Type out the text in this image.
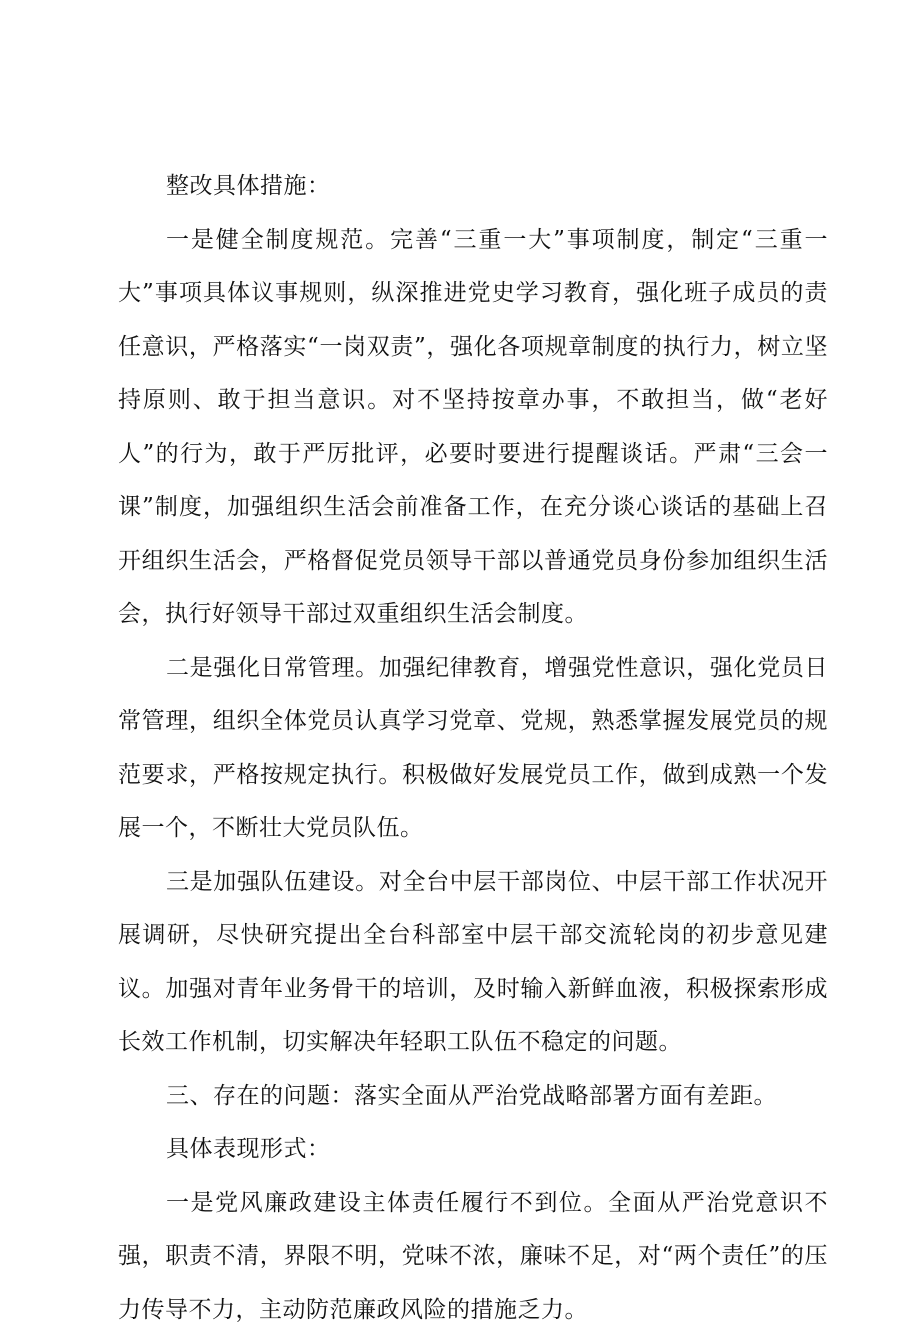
整改具体措施：

一是健全制度规范。完善“三重一大”事项制度，制定“三重一大”事项具体议事规则，纵深推进党史学习教育，强化班子成员的责任意识，严格落实“一岗双责”，强化各项规章制度的执行力，树立坚持原则、敢于担当意识。对不坚持按章办事，不敢担当，做“老好人”的行为，敢于严厉批评，必要时要进行提醒谈话。严肃“三会一课”制度，加强组织生活会前准备工作，在充分谈心谈话的基础上召开组织生活会，严格督促党员领导干部以普通党员身份参加组织生活会，执行好领导干部过双重组织生活会制度。

二是强化日常管理。加强纪律教育，增强党性意识，强化党员日常管理，组织全体党员认真学习党章、党规，熟悉掌握发展党员的规范要求，严格按规定执行。积极做好发展党员工作，做到成熟一个发展一个，不断壮大党员队伍。

三是加强队伍建设。对全台中层干部岗位、中层干部工作状况开展调研，尽快研究提出全台科部室中层干部交流轮岗的初步意见建议。加强对青年业务骨干的培训，及时输入新鲜血液，积极探索形成长效工作机制，切实解决年轻职工队伍不稳定的问题。

三、存在的问题：落实全面从严治党战略部署方面有差距。

具体表现形式：

一是党风廉政建设主体责任履行不到位。全面从严治党意识不强，职责不清，界限不明，党味不浓，廉味不足，对“两个责任”的压力传导不力，主动防范廉政风险的措施乏力。
